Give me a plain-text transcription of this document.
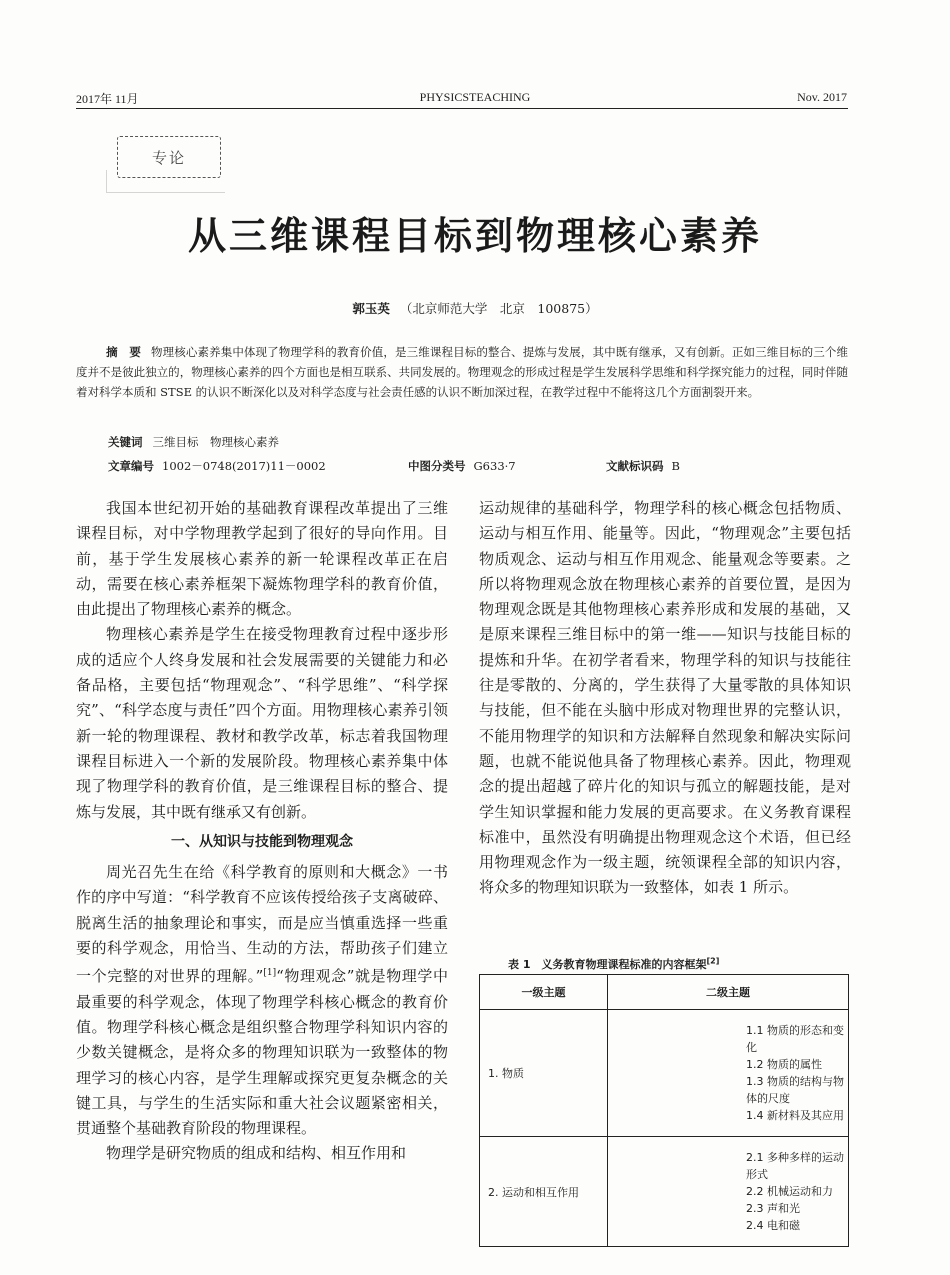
2017年 11月	PHYSICSTEACHING	Nov. 2017
专论
从三维课程目标到物理核心素养
郭玉英 （北京师范大学　北京　100875）
摘　要 物理核心素养集中体现了物理学科的教育价值，是三维课程目标的整合、提炼与发展，其中既有继承，又有创新。正如三维目标的三个维度并不是彼此独立的，物理核心素养的四个方面也是相互联系、共同发展的。物理观念的形成过程是学生发展科学思维和科学探究能力的过程，同时伴随着对科学本质和 STSE 的认识不断深化以及对科学态度与社会责任感的认识不断加深过程，在教学过程中不能将这几个方面割裂开来。
关键词 三维目标　物理核心素养
文章编号 1002－0748(2017)11－0002	中图分类号 G633·7	文献标识码 B

我国本世纪初开始的基础教育课程改革提出了三维课程目标，对中学物理教学起到了很好的导向作用。目前，基于学生发展核心素养的新一轮课程改革正在启动，需要在核心素养框架下凝炼物理学科的教育价值，由此提出了物理核心素养的概念。

物理核心素养是学生在接受物理教育过程中逐步形成的适应个人终身发展和社会发展需要的关键能力和必备品格，主要包括“物理观念”、“科学思维”、“科学探究”、“科学态度与责任”四个方面。用物理核心素养引领新一轮的物理课程、教材和教学改革，标志着我国物理课程目标进入一个新的发展阶段。物理核心素养集中体现了物理学科的教育价值，是三维课程目标的整合、提炼与发展，其中既有继承又有创新。

一、从知识与技能到物理观念

周光召先生在给《科学教育的原则和大概念》一书作的序中写道：“科学教育不应该传授给孩子支离破碎、脱离生活的抽象理论和事实，而是应当慎重选择一些重要的科学观念，用恰当、生动的方法，帮助孩子们建立一个完整的对世界的理解。”[1]“物理观念”就是物理学中最重要的科学观念，体现了物理学科核心概念的教育价值。物理学科核心概念是组织整合物理学科知识内容的少数关键概念，是将众多的物理知识联为一致整体的物理学习的核心内容，是学生理解或探究更复杂概念的关键工具，与学生的生活实际和重大社会议题紧密相关，贯通整个基础教育阶段的物理课程。

物理学是研究物质的组成和结构、相互作用和

运动规律的基础科学，物理学科的核心概念包括物质、运动与相互作用、能量等。因此，“物理观念”主要包括物质观念、运动与相互作用观念、能量观念等要素。之所以将物理观念放在物理核心素养的首要位置，是因为物理观念既是其他物理核心素养形成和发展的基础，又是原来课程三维目标中的第一维——知识与技能目标的提炼和升华。在初学者看来，物理学科的知识与技能往往是零散的、分离的，学生获得了大量零散的具体知识与技能，但不能在头脑中形成对物理世界的完整认识，不能用物理学的知识和方法解释自然现象和解决实际问题，也就不能说他具备了物理核心素养。因此，物理观念的提出超越了碎片化的知识与孤立的解题技能，是对学生知识掌握和能力发展的更高要求。在义务教育课程标准中，虽然没有明确提出物理观念这个术语，但已经用物理观念作为一级主题，统领课程全部的知识内容，将众多的物理知识联为一致整体，如表 1 所示。

表 1　义务教育物理课程标准的内容框架[2]
一级主题	二级主题
1. 物质	1.1 物质的形态和变化
1.2 物质的属性
1.3 物质的结构与物体的尺度
1.4 新材料及其应用

2. 运动和相互作用	2.1 多种多样的运动形式
2.2 机械运动和力
2.3 声和光
2.4 电和磁
